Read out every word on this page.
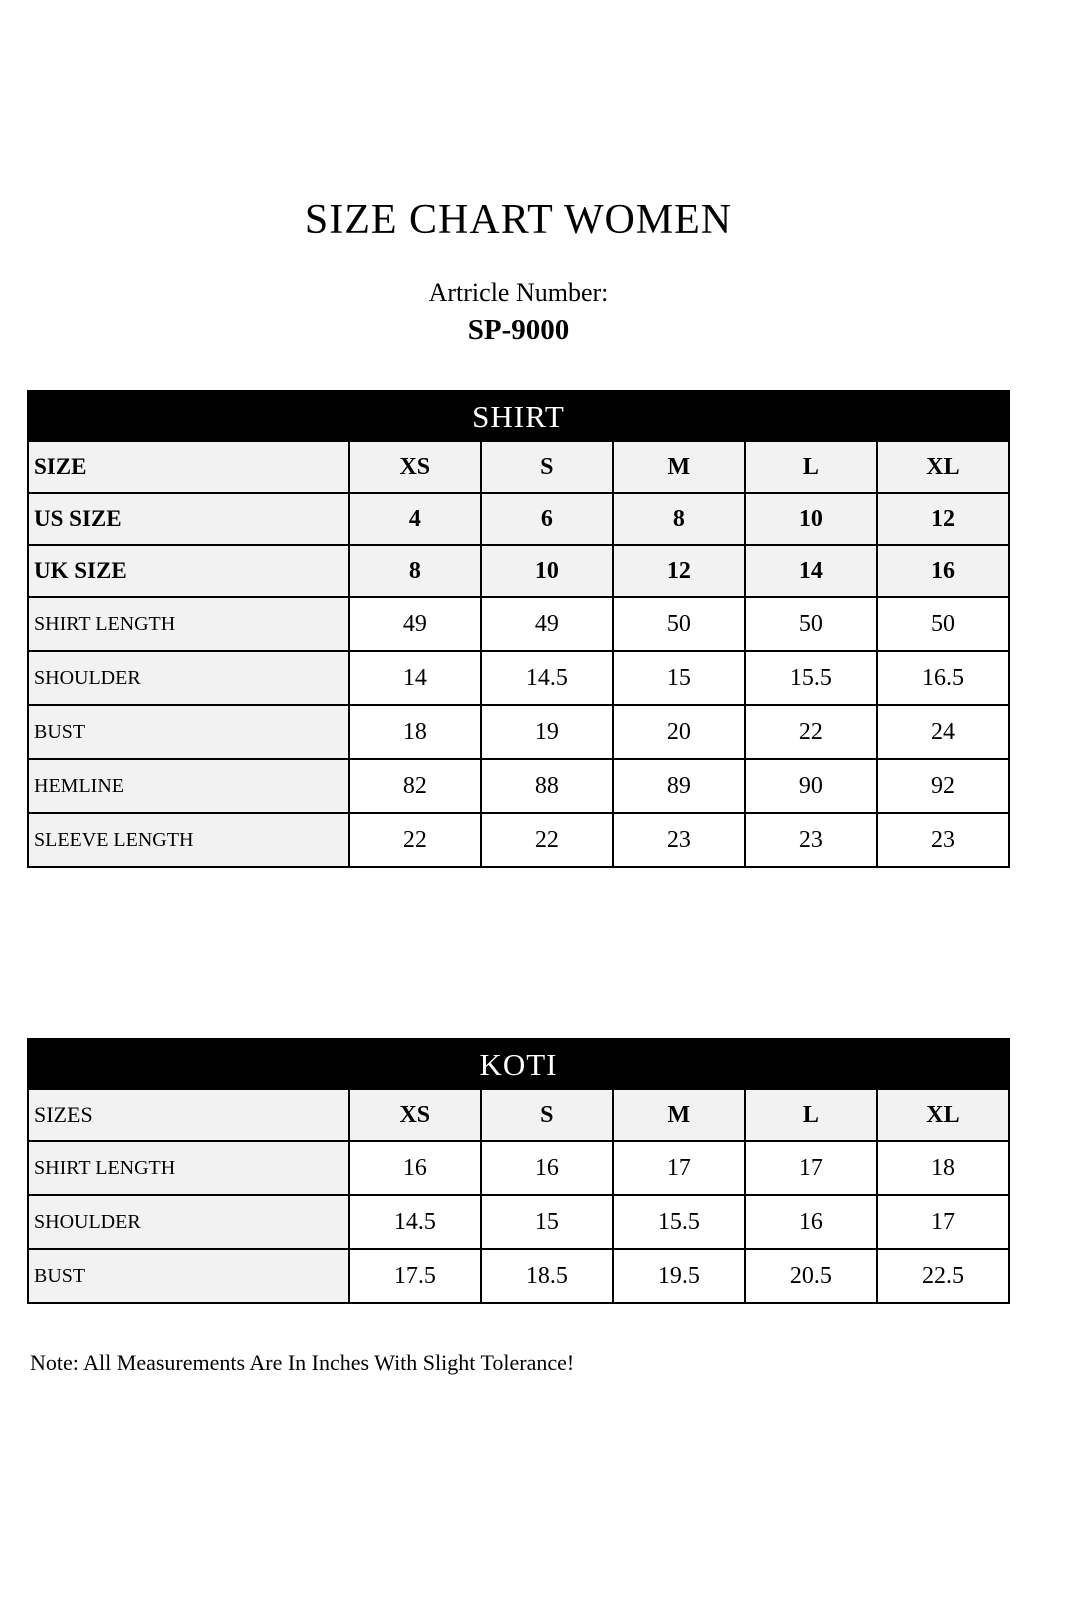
SIZE CHART WOMEN
Artricle Number:
SP-9000
SHIRT
SIZE	XS	S	M	L	XL
US SIZE	4	6	8	10	12
UK SIZE	8	10	12	14	16
SHIRT LENGTH	49	49	50	50	50
SHOULDER	14	14.5	15	15.5	16.5
BUST	18	19	20	22	24
HEMLINE	82	88	89	90	92
SLEEVE LENGTH	22	22	23	23	23
KOTI
SIZES	XS	S	M	L	XL
SHIRT LENGTH	16	16	17	17	18
SHOULDER	14.5	15	15.5	16	17
BUST	17.5	18.5	19.5	20.5	22.5
Note: All Measurements Are In Inches With Slight Tolerance!
